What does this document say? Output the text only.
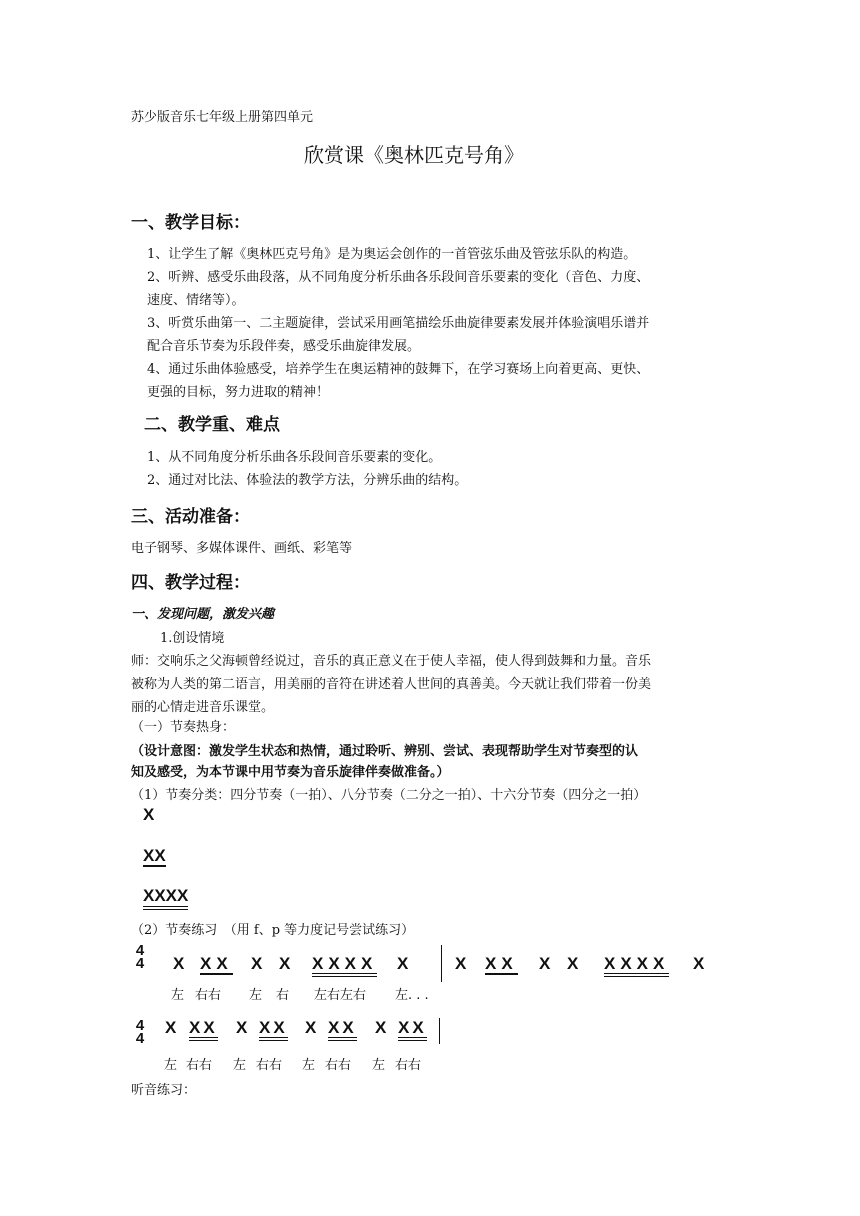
苏少版音乐七年级上册第四单元
欣赏课《奥林匹克号角》
一、教学目标：
1、让学生了解《奥林匹克号角》是为奥运会创作的一首管弦乐曲及管弦乐队的构造。
2、听辨、感受乐曲段落，从不同角度分析乐曲各乐段间音乐要素的变化（音色、力度、
速度、情绪等）。
3、听赏乐曲第一、二主题旋律，尝试采用画笔描绘乐曲旋律要素发展并体验演唱乐谱并
配合音乐节奏为乐段伴奏，感受乐曲旋律发展。
4、通过乐曲体验感受，培养学生在奥运精神的鼓舞下，在学习赛场上向着更高、更快、
更强的目标，努力进取的精神！
二、教学重、难点
1、从不同角度分析乐曲各乐段间音乐要素的变化。
2、通过对比法、体验法的教学方法，分辨乐曲的结构。
三、活动准备：
电子钢琴、多媒体课件、画纸、彩笔等
四、教学过程：
一、发现问题，激发兴趣
1.创设情境
师：交响乐之父海顿曾经说过，音乐的真正意义在于使人幸福，使人得到鼓舞和力量。音乐
被称为人类的第二语言，用美丽的音符在讲述着人世间的真善美。今天就让我们带着一份美
丽的心情走进音乐课堂。
（一）节奏热身：
（设计意图：激发学生状态和热情，通过聆听、辨别、尝试、表现帮助学生对节奏型的认
知及感受，为本节课中用节奏为音乐旋律伴奏做准备。）
（1）节奏分类：四分节奏（一拍）、八分节奏（二分之一拍）、十六分节奏（四分之一拍）
X
XX
XXXX
（2）节奏练习　（用 f、p 等力度记号尝试练习）
4
4
4
4
听音练习：
X XX X X XXXX X X XX X X XXXX X
左 右右 左 右 左右左右 左. . .
X XX X XX X XX X XX
左 右右 左 右右 左 右右 左 右右
